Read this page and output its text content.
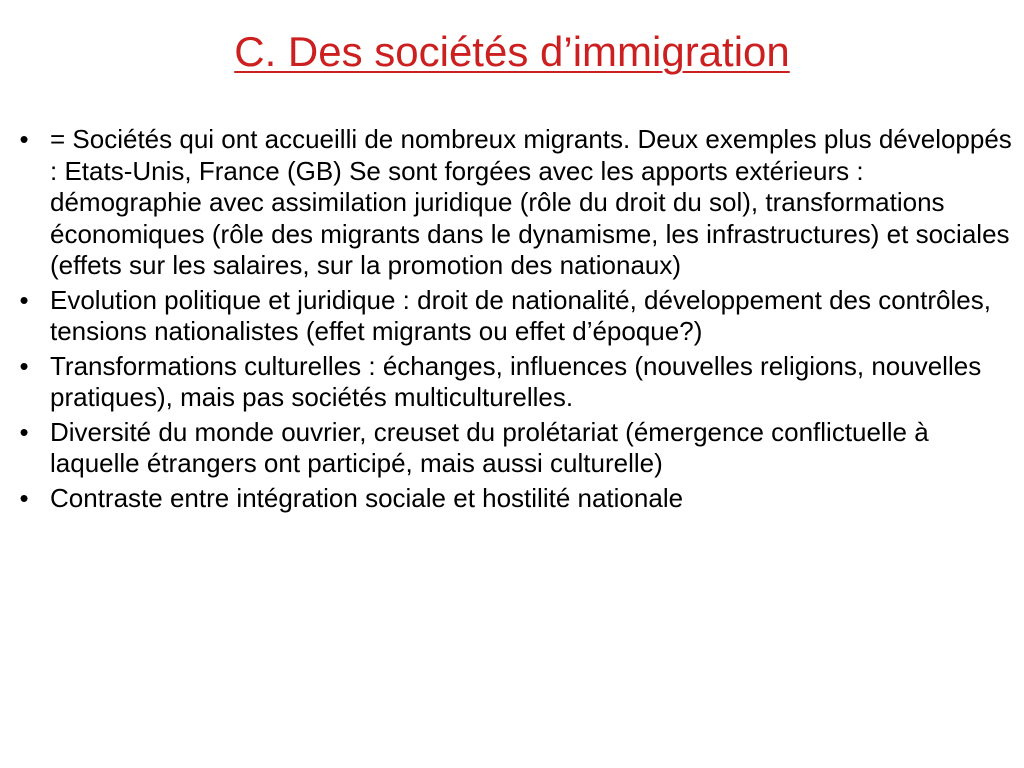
C. Des sociétés d’immigration
• = Sociétés qui ont accueilli de nombreux migrants. Deux exemples plus développés : Etats-Unis, France (GB) Se sont forgées avec les apports extérieurs : démographie avec assimilation juridique (rôle du droit du sol), transformations économiques (rôle des migrants dans le dynamisme, les infrastructures) et sociales (effets sur les salaires, sur la promotion des nationaux)
• Evolution politique et juridique : droit de nationalité, développement des contrôles, tensions nationalistes (effet migrants ou effet d’époque?)
• Transformations culturelles : échanges, influences (nouvelles religions, nouvelles pratiques), mais pas sociétés multiculturelles.
• Diversité du monde ouvrier, creuset du prolétariat (émergence conflictuelle à laquelle étrangers ont participé, mais aussi culturelle)
• Contraste entre intégration sociale et hostilité nationale
